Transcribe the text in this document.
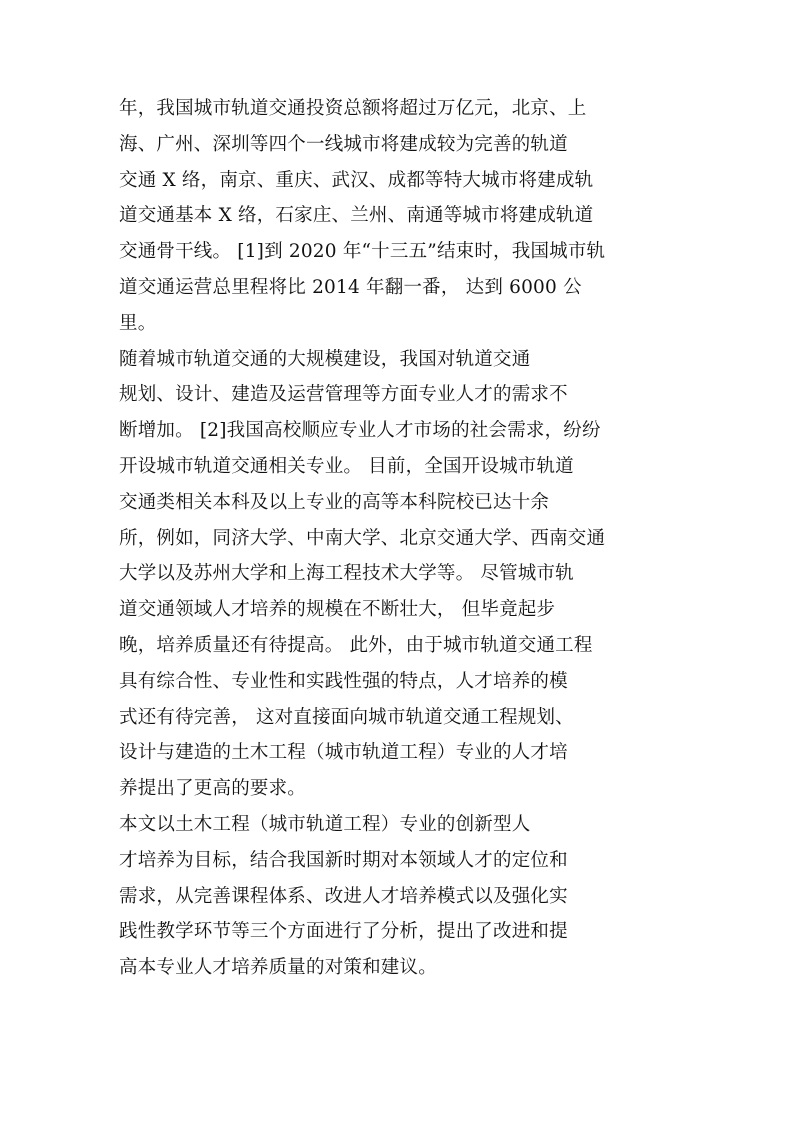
年，我国城市轨道交通投资总额将超过万亿元，北京、上
海、广州、深圳等四个一线城市将建成较为完善的轨道
交通 X 络，南京、重庆、武汉、成都等特大城市将建成轨
道交通基本 X 络，石家庄、兰州、南通等城市将建成轨道
交通骨干线。 [1]到 2020 年“十三五”结束时，我国城市轨
道交通运营总里程将比 2014 年翻一番， 达到 6000 公
里。
随着城市轨道交通的大规模建设，我国对轨道交通
规划、设计、建造及运营管理等方面专业人才的需求不
断增加。 [2]我国高校顺应专业人才市场的社会需求，纷纷
开设城市轨道交通相关专业。 目前，全国开设城市轨道
交通类相关本科及以上专业的高等本科院校已达十余
所，例如，同济大学、中南大学、北京交通大学、西南交通
大学以及苏州大学和上海工程技术大学等。 尽管城市轨
道交通领域人才培养的规模在不断壮大， 但毕竟起步
晚，培养质量还有待提高。 此外，由于城市轨道交通工程
具有综合性、专业性和实践性强的特点，人才培养的模
式还有待完善， 这对直接面向城市轨道交通工程规划、
设计与建造的土木工程（城市轨道工程）专业的人才培
养提出了更高的要求。
本文以土木工程（城市轨道工程）专业的创新型人
才培养为目标，结合我国新时期对本领域人才的定位和
需求，从完善课程体系、改进人才培养模式以及强化实
践性教学环节等三个方面进行了分析，提出了改进和提
高本专业人才培养质量的对策和建议。
